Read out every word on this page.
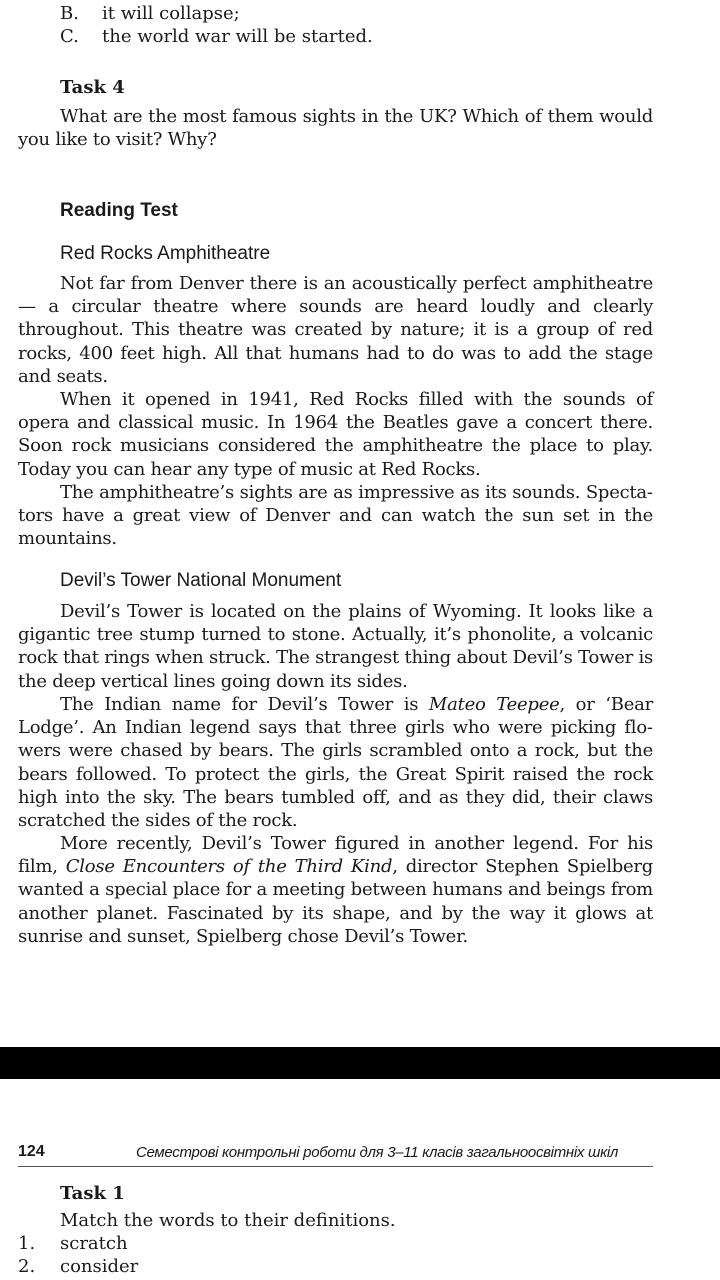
B. it will collapse;
C. the world war will be started.
Task 4
What are the most famous sights in the UK? Which of them would you like to visit? Why?
Reading Test
Red Rocks Amphitheatre
Not far from Denver there is an acoustically perfect amphitheatre — a circular theatre where sounds are heard loudly and clearly throughout. This theatre was created by nature; it is a group of red rocks, 400 feet high. All that humans had to do was to add the stage and seats.
When it opened in 1941, Red Rocks filled with the sounds of opera and classical music. In 1964 the Beatles gave a concert there. Soon rock musicians considered the amphitheatre the place to play. Today you can hear any type of music at Red Rocks.
The amphitheatre’s sights are as impressive as its sounds. Spectators have a great view of Denver and can watch the sun set in the mountains.
Devil’s Tower National Monument
Devil’s Tower is located on the plains of Wyoming. It looks like a gigantic tree stump turned to stone. Actually, it’s phonolite, a volcanic rock that rings when struck. The strangest thing about Devil’s Tower is the deep vertical lines going down its sides.
The Indian name for Devil’s Tower is Mateo Teepee, or ‘Bear Lodge’. An Indian legend says that three girls who were picking flowers were chased by bears. The girls scrambled onto a rock, but the bears followed. To protect the girls, the Great Spirit raised the rock high into the sky. The bears tumbled off, and as they did, their claws scratched the sides of the rock.
More recently, Devil’s Tower figured in another legend. For his film, Close Encounters of the Third Kind, director Stephen Spielberg wanted a special place for a meeting between humans and beings from another planet. Fascinated by its shape, and by the way it glows at sunrise and sunset, Spielberg chose Devil’s Tower.
124	Семестрові контрольні роботи для 3–11 класів загальноосвітніх шкіл
Task 1
Match the words to their definitions.
1. scratch
2. consider
